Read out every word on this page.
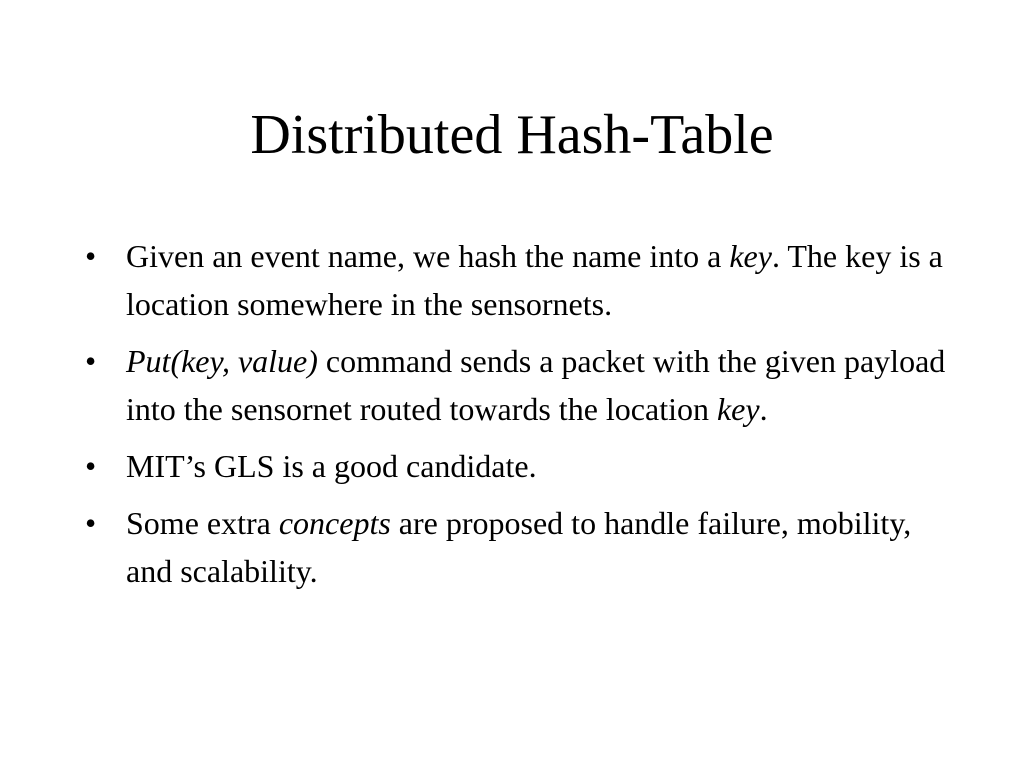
Distributed Hash-Table
• Given an event name, we hash the name into a key. The key is a location somewhere in the sensornets.
• Put(key, value) command sends a packet with the given payload into the sensornet routed towards the location key.
• MIT’s GLS is a good candidate.
• Some extra concepts are proposed to handle failure, mobility, and scalability.
